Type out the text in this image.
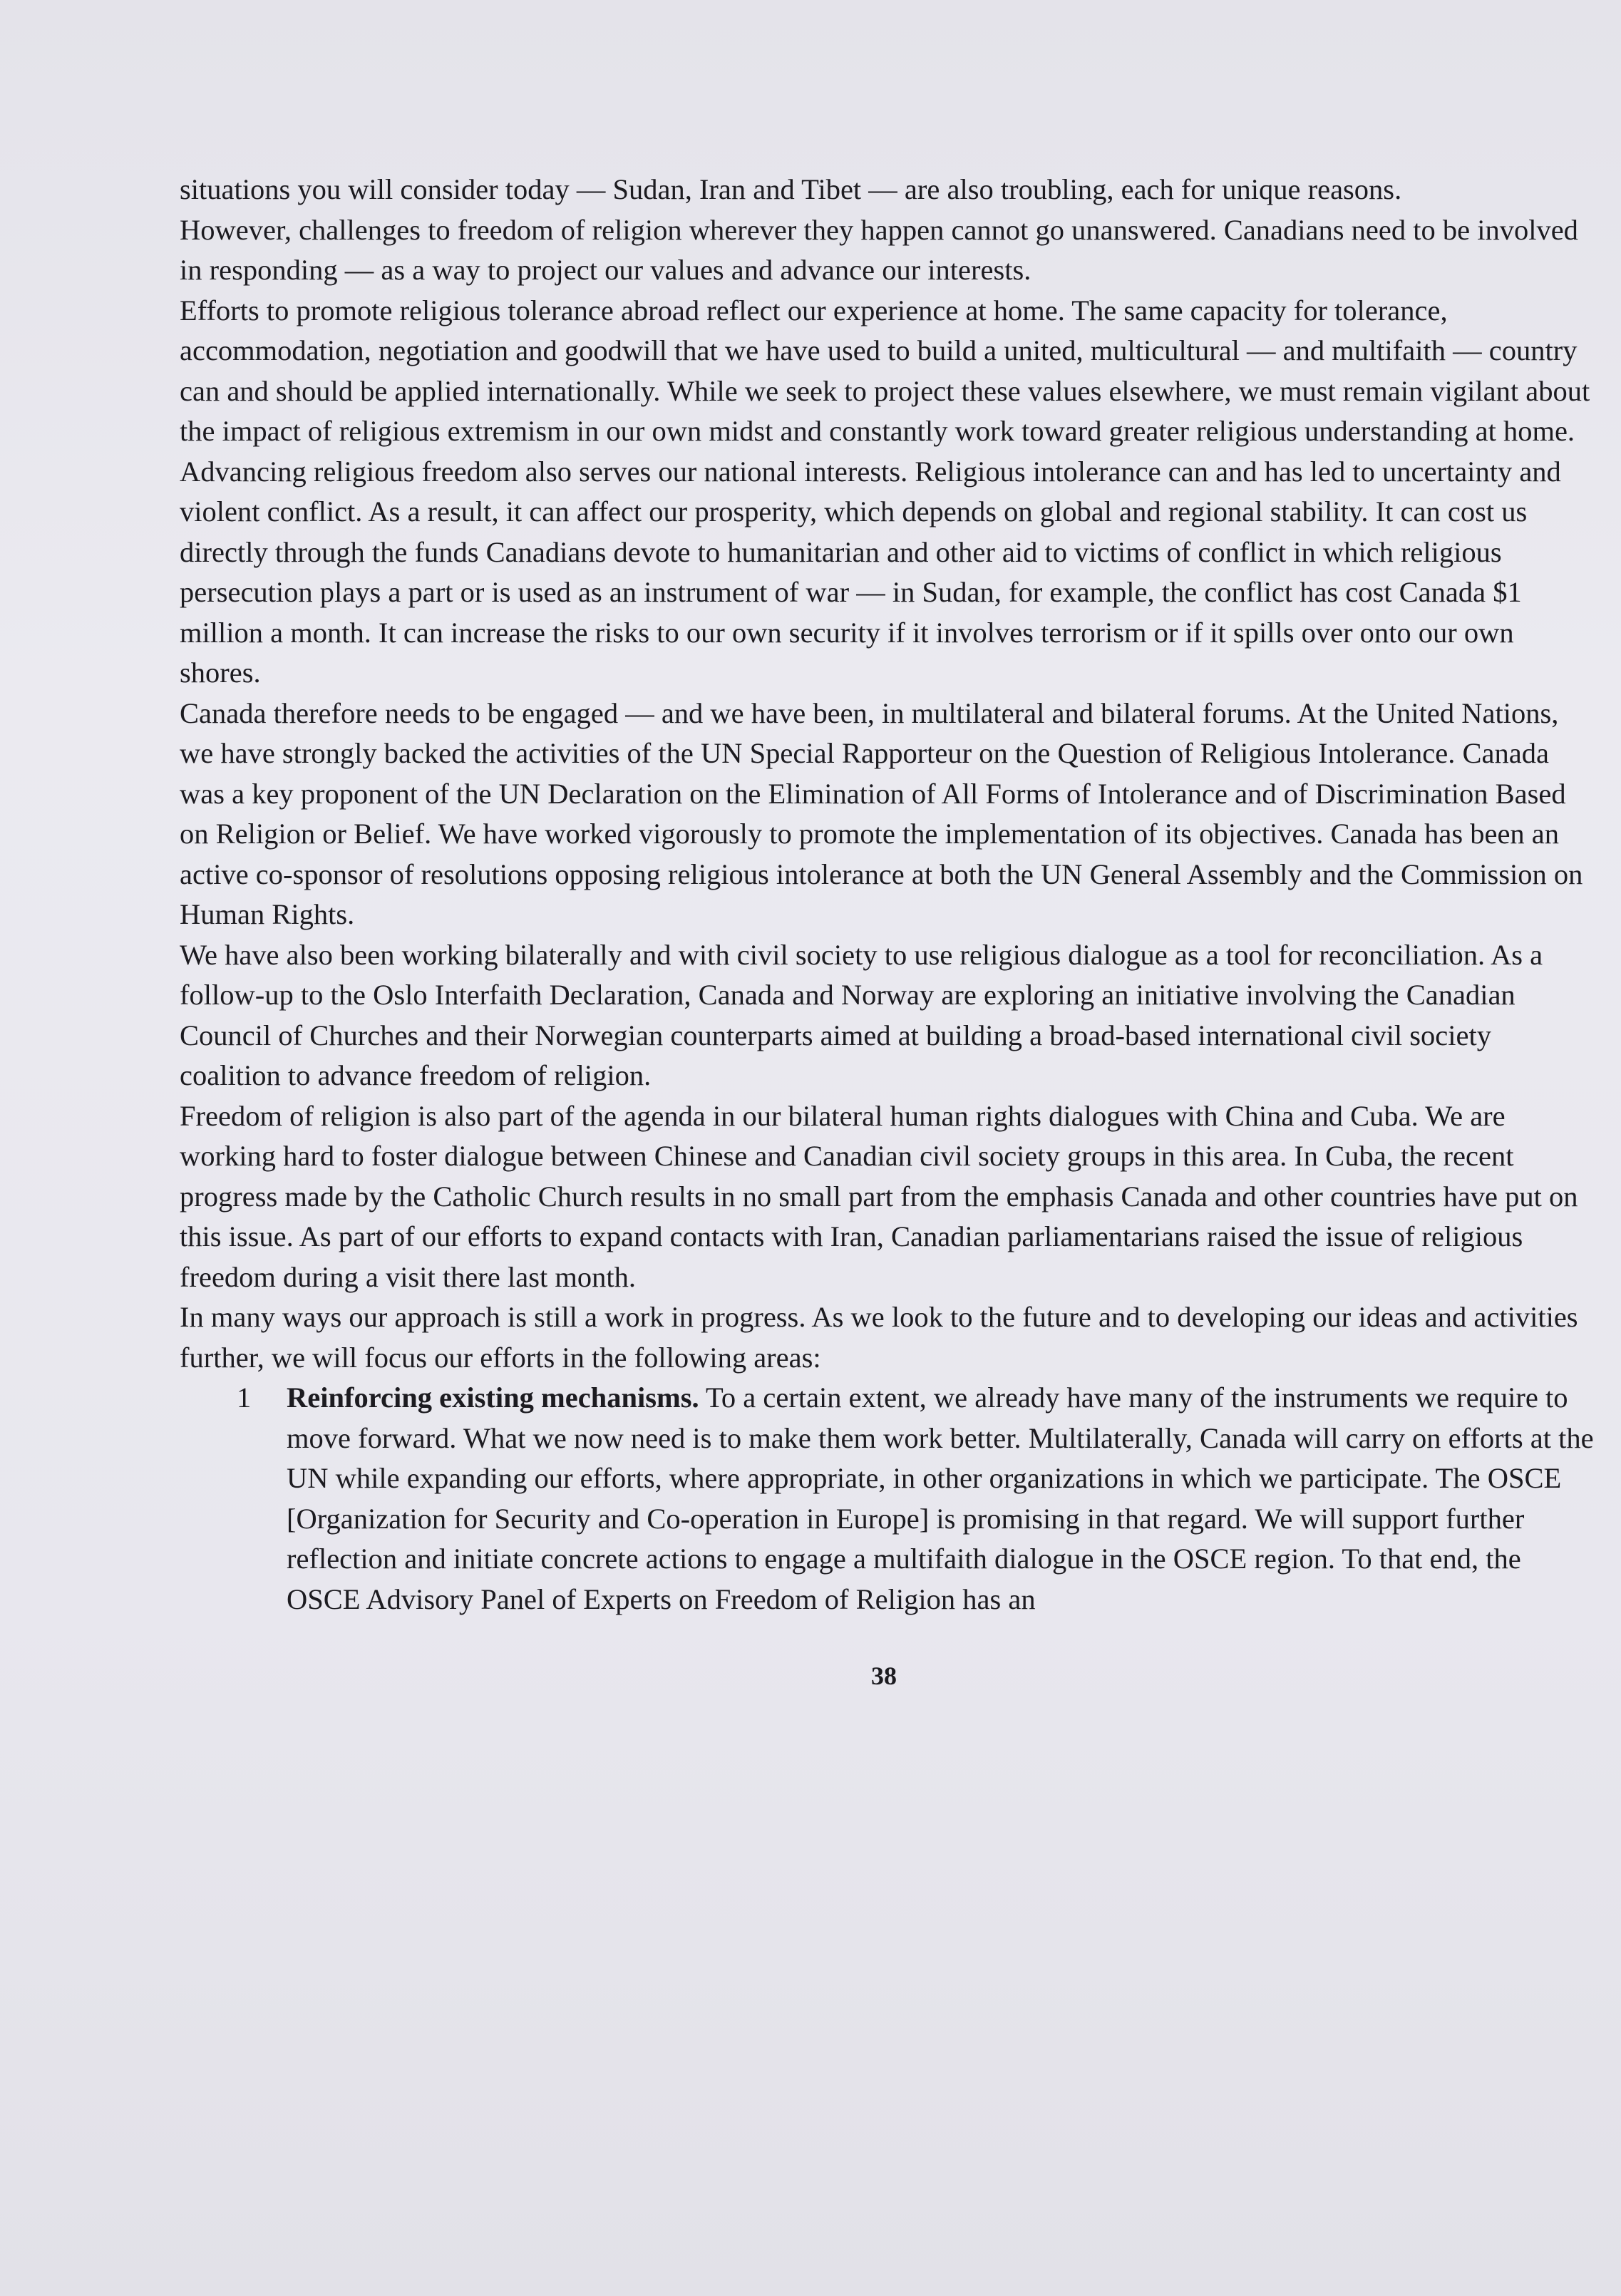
situations you will consider today — Sudan, Iran and Tibet — are also troubling, each for unique reasons.

However, challenges to freedom of religion wherever they happen cannot go unanswered. Canadians need to be involved in responding — as a way to project our values and advance our interests.

Efforts to promote religious tolerance abroad reflect our experience at home. The same capacity for tolerance, accommodation, negotiation and goodwill that we have used to build a united, multicultural — and multifaith — country can and should be applied internationally. While we seek to project these values elsewhere, we must remain vigilant about the impact of religious extremism in our own midst and constantly work toward greater religious understanding at home.

Advancing religious freedom also serves our national interests. Religious intolerance can and has led to uncertainty and violent conflict. As a result, it can affect our prosperity, which depends on global and regional stability. It can cost us directly through the funds Canadians devote to humanitarian and other aid to victims of conflict in which religious persecution plays a part or is used as an instrument of war — in Sudan, for example, the conflict has cost Canada $1 million a month. It can increase the risks to our own security if it involves terrorism or if it spills over onto our own shores.

Canada therefore needs to be engaged — and we have been, in multilateral and bilateral forums. At the United Nations, we have strongly backed the activities of the UN Special Rapporteur on the Question of Religious Intolerance. Canada was a key proponent of the UN Declaration on the Elimination of All Forms of Intolerance and of Discrimination Based on Religion or Belief. We have worked vigorously to promote the implementation of its objectives. Canada has been an active co-sponsor of resolutions opposing religious intolerance at both the UN General Assembly and the Commission on Human Rights.

We have also been working bilaterally and with civil society to use religious dialogue as a tool for reconciliation. As a follow-up to the Oslo Interfaith Declaration, Canada and Norway are exploring an initiative involving the Canadian Council of Churches and their Norwegian counterparts aimed at building a broad-based international civil society coalition to advance freedom of religion.

Freedom of religion is also part of the agenda in our bilateral human rights dialogues with China and Cuba. We are working hard to foster dialogue between Chinese and Canadian civil society groups in this area. In Cuba, the recent progress made by the Catholic Church results in no small part from the emphasis Canada and other countries have put on this issue. As part of our efforts to expand contacts with Iran, Canadian parliamentarians raised the issue of religious freedom during a visit there last month.

In many ways our approach is still a work in progress. As we look to the future and to developing our ideas and activities further, we will focus our efforts in the following areas:

1 Reinforcing existing mechanisms. To a certain extent, we already have many of the instruments we require to move forward. What we now need is to make them work better. Multilaterally, Canada will carry on efforts at the UN while expanding our efforts, where appropriate, in other organizations in which we participate. The OSCE [Organization for Security and Co-operation in Europe] is promising in that regard. We will support further reflection and initiate concrete actions to engage a multifaith dialogue in the OSCE region. To that end, the OSCE Advisory Panel of Experts on Freedom of Religion has an
38
